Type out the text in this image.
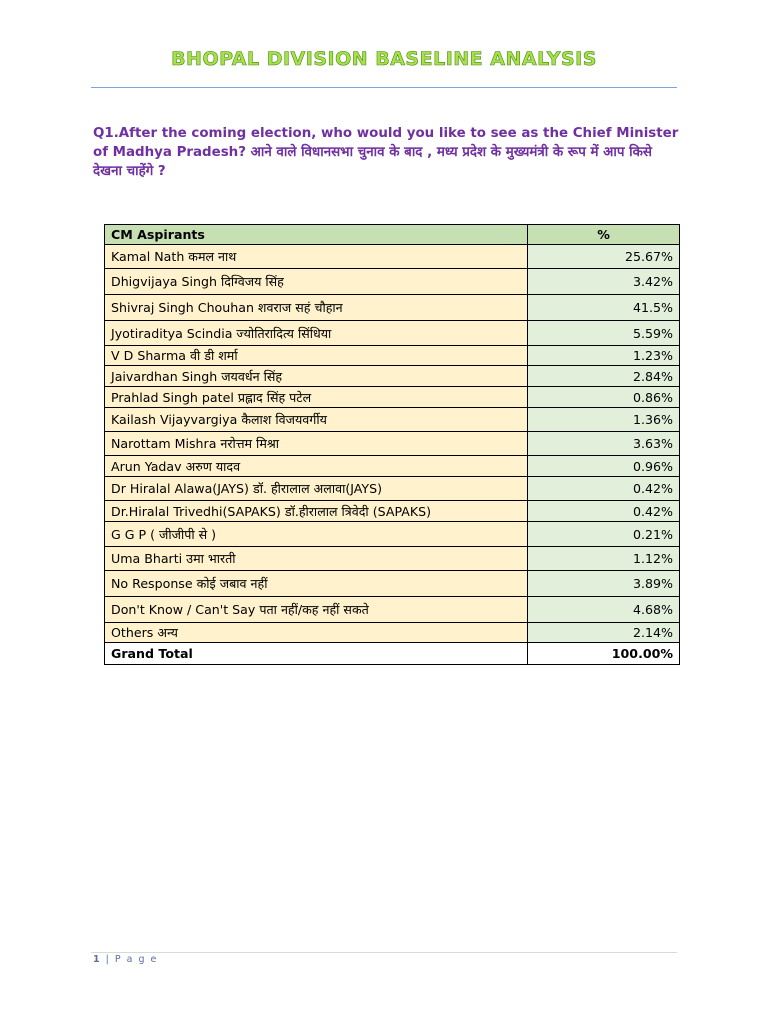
BHOPAL DIVISION BASELINE ANALYSIS
Q1.After the coming election, who would you like to see as the Chief Minister of Madhya Pradesh? आने वाले विधानसभा चुनाव के बाद , मध्य प्रदेश के मुख्यमंत्री के रूप में आप किसे देखना चाहेंगे ?
CM Aspirants	%
Kamal Nath कमल नाथ	25.67%
Dhigvijaya Singh दिग्विजय सिंह	3.42%
Shivraj Singh Chouhan शवराज सहं चौहान	41.5%
Jyotiraditya Scindia ज्योतिरादित्य सिंधिया	5.59%
V D Sharma वी डी शर्मा	1.23%
Jaivardhan Singh जयवर्धन सिंह	2.84%
Prahlad Singh patel प्रह्लाद सिंह पटेल	0.86%
Kailash Vijayvargiya कैलाश विजयवर्गीय	1.36%
Narottam Mishra नरोत्तम मिश्रा	3.63%
Arun Yadav अरुण यादव	0.96%
Dr Hiralal Alawa(JAYS) डॉ. हीरालाल अलावा(JAYS)	0.42%
Dr.Hiralal Trivedhi(SAPAKS) डॉ.हीरालाल त्रिवेदी (SAPAKS)	0.42%
G G P ( जीजीपी से )	0.21%
Uma Bharti उमा भारती	1.12%
No Response कोई जबाव नहीं	3.89%
Don't Know / Can't Say पता नहीं/कह नहीं सकते	4.68%
Others अन्य	2.14%
Grand Total	100.00%
1 | P a g e
